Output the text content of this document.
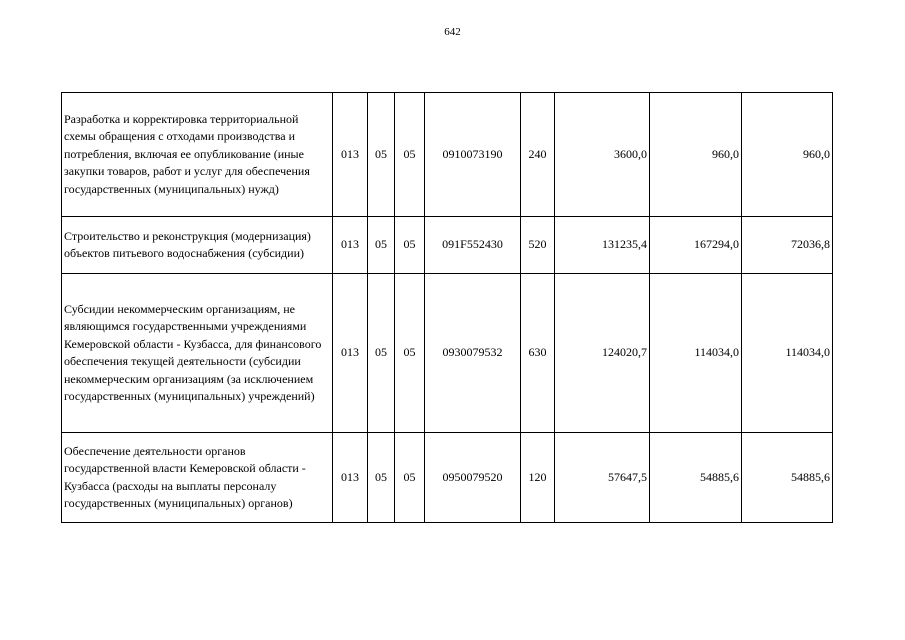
642
Разработка и корректировка территориальной схемы обращения с отходами производства и потребления, включая ее опубликование (иные закупки товаров, работ и услуг для обеспечения государственных (муниципальных) нужд)	013	05	05	0910073190	240	3600,0	960,0	960,0
Строительство и реконструкция (модернизация) объектов питьевого водоснабжения (субсидии)	013	05	05	091F552430	520	131235,4	167294,0	72036,8
Субсидии некоммерческим организациям, не являющимся государственными учреждениями Кемеровской области - Кузбасса, для финансового обеспечения текущей деятельности (субсидии некоммерческим организациям (за исключением государственных (муниципальных) учреждений)	013	05	05	0930079532	630	124020,7	114034,0	114034,0
Обеспечение деятельности органов государственной власти Кемеровской области - Кузбасса (расходы на выплаты персоналу государственных (муниципальных) органов)	013	05	05	0950079520	120	57647,5	54885,6	54885,6
